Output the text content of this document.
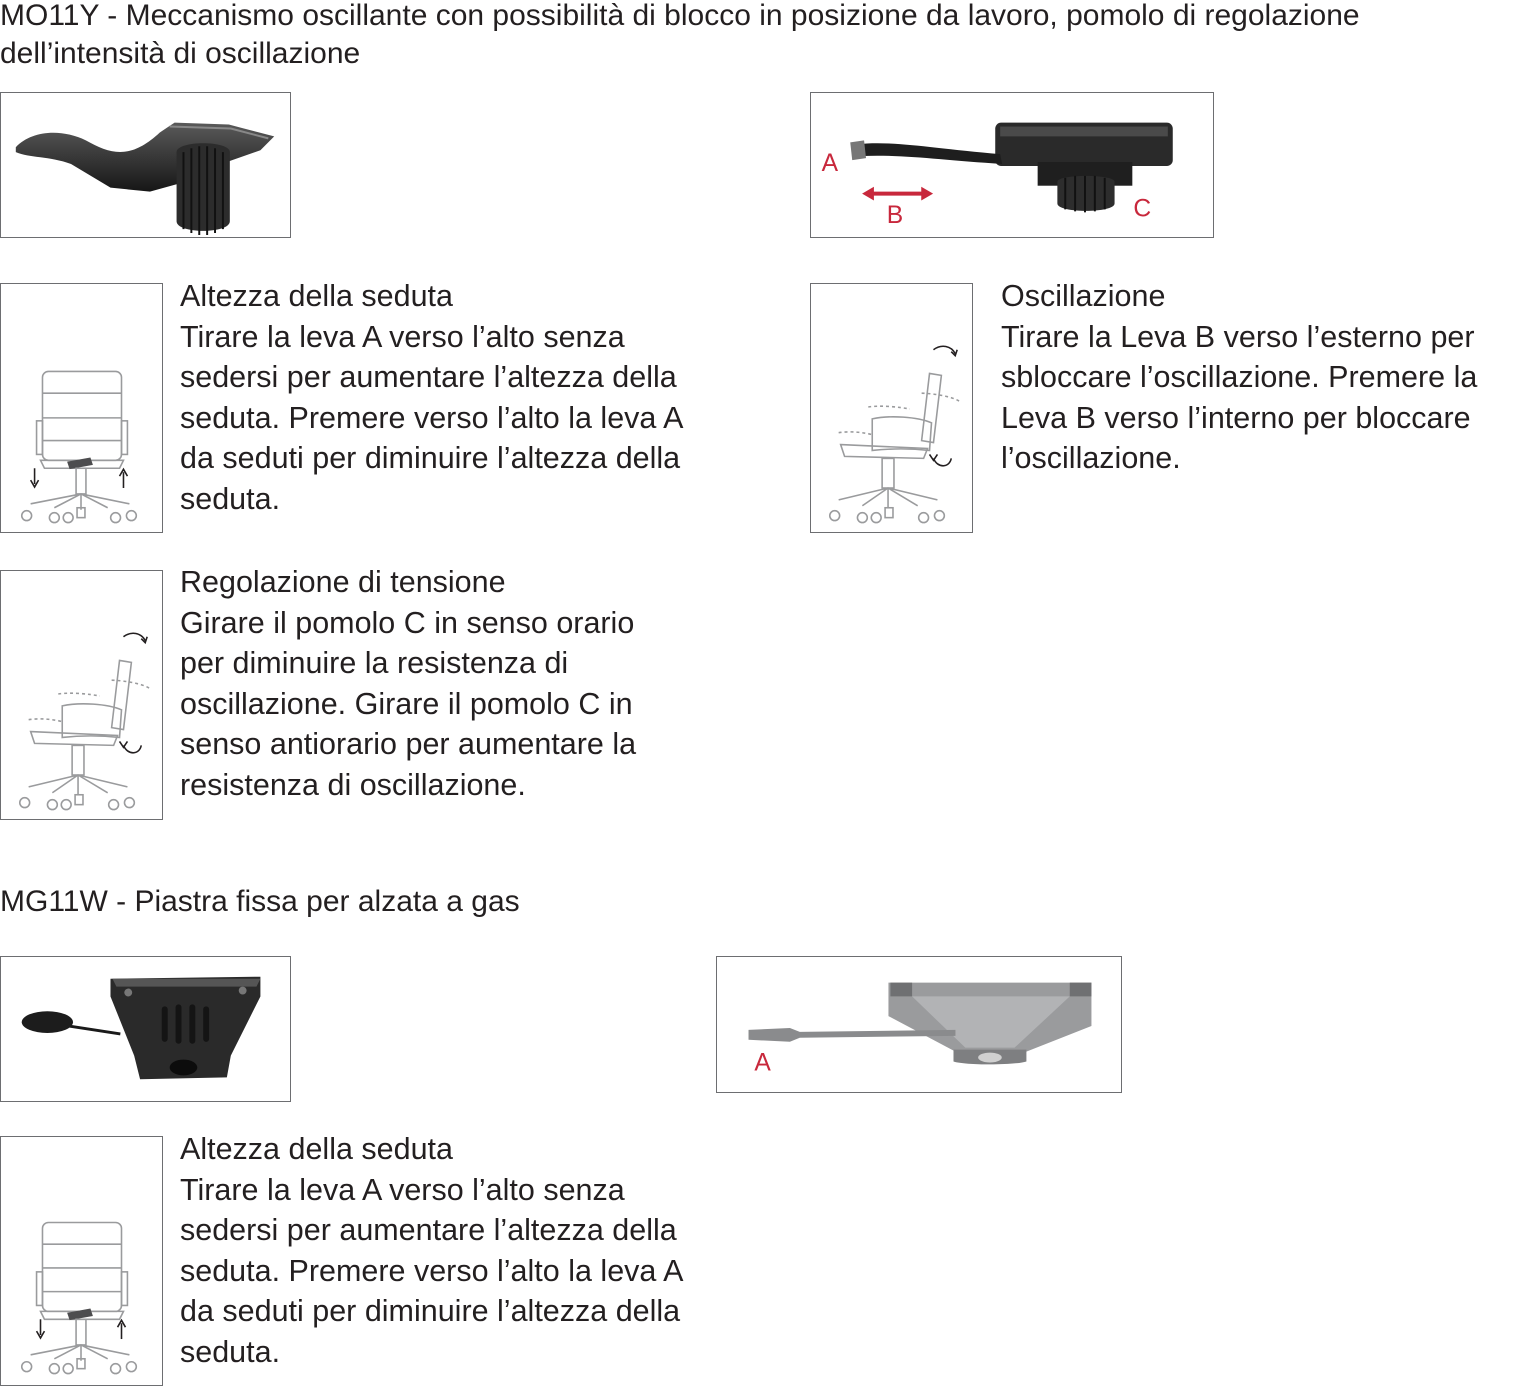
MO11Y - Meccanismo oscillante con possibilità di blocco in posizione da lavoro, pomolo di regolazione
dell’intensità di oscillazione
A
B	C
Altezza della seduta
Tirare la leva A verso l’alto senza
sedersi per aumentare l’altezza della
seduta. Premere verso l’alto la leva A
da seduti per diminuire l’altezza della
seduta.
Oscillazione
Tirare la Leva B verso l’esterno per
sbloccare l’oscillazione. Premere la
Leva B verso l’interno per bloccare
l’oscillazione.
Regolazione di tensione
Girare il pomolo C in senso orario
per diminuire la resistenza di
oscillazione. Girare il pomolo C in
senso antiorario per aumentare la
resistenza di oscillazione.
MG11W - Piastra fissa per alzata a gas
A
Altezza della seduta
Tirare la leva A verso l’alto senza
sedersi per aumentare l’altezza della
seduta. Premere verso l’alto la leva A
da seduti per diminuire l’altezza della
seduta.
